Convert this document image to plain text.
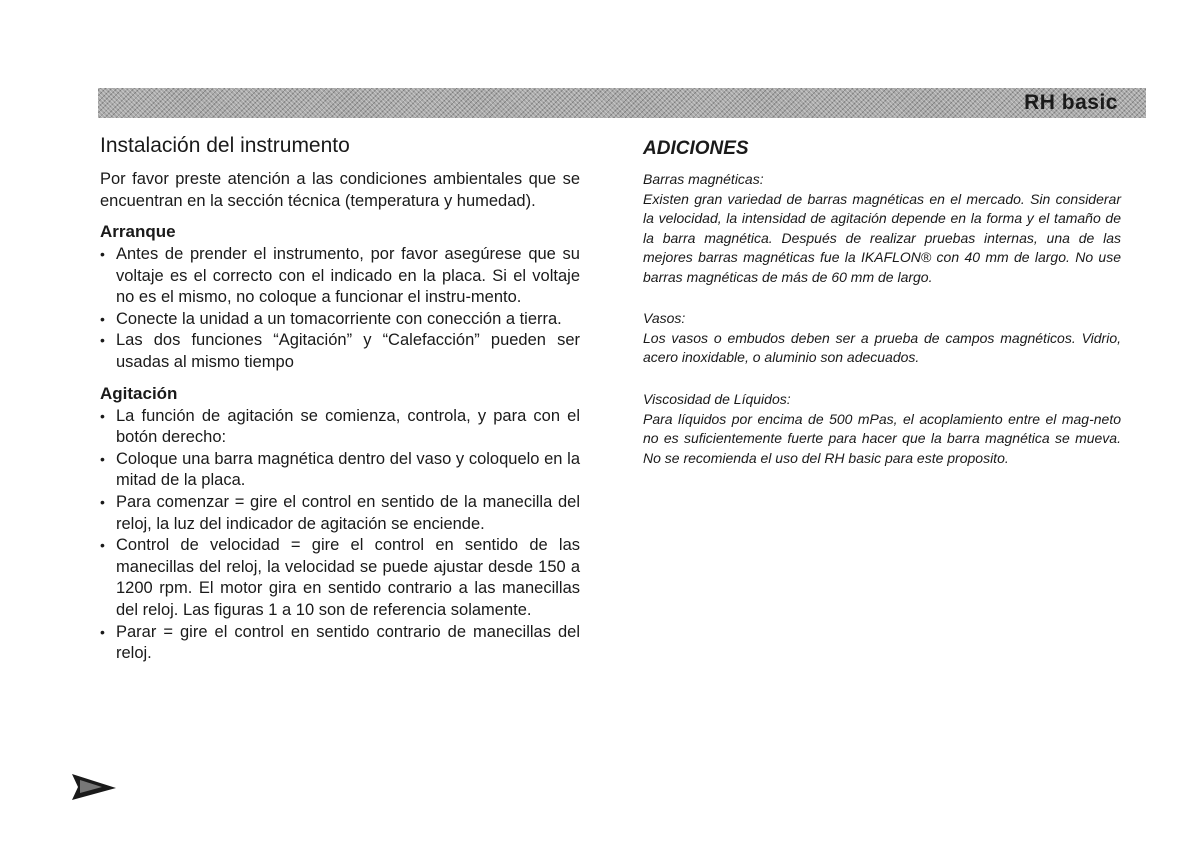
RH basic
Instalación del instrumento

Por favor preste atención a las condiciones ambientales que se encuentran en la sección técnica (temperatura y humedad).

Arranque
• Antes de prender el instrumento, por favor asegúrese que su voltaje es el correcto con el indicado en la placa. Si el voltaje no es el mismo, no coloque a funcionar el instru-mento.
• Conecte la unidad a un tomacorriente con conección a tierra.
• Las dos funciones “Agitación” y “Calefacción” pueden ser usadas al mismo tiempo
Agitación
• La función de agitación se comienza, controla, y para con el botón derecho:
• Coloque una barra magnética dentro del vaso y coloquelo en la mitad de la placa.
• Para comenzar = gire el control en sentido de la manecilla del reloj, la luz del indicador de agitación se enciende.
• Control de velocidad = gire el control en sentido de las manecillas del reloj, la velocidad se puede ajustar desde 150 a 1200 rpm. El motor gira en sentido contrario a las manecillas del reloj. Las figuras 1 a 10 son de referencia solamente.
• Parar = gire el control en sentido contrario de manecillas del reloj.
ADICIONES
Barras magnéticas:

Existen gran variedad de barras magnéticas en el mercado. Sin considerar la velocidad, la intensidad de agitación depende en la forma y el tamaño de la barra magnética. Después de realizar pruebas internas, una de las mejores barras magnéticas fue la IKAFLON® con 40 mm de largo. No use barras magnéticas de más de 60 mm de largo.

Vasos:

Los vasos o embudos deben ser a prueba de campos magnéticos. Vidrio, acero inoxidable, o aluminio son adecuados.

Viscosidad de Líquidos:

Para líquidos por encima de 500 mPas, el acoplamiento entre el mag-neto no es suficientemente fuerte para hacer que la barra magnética se mueva. No se recomienda el uso del RH basic para este proposito.
